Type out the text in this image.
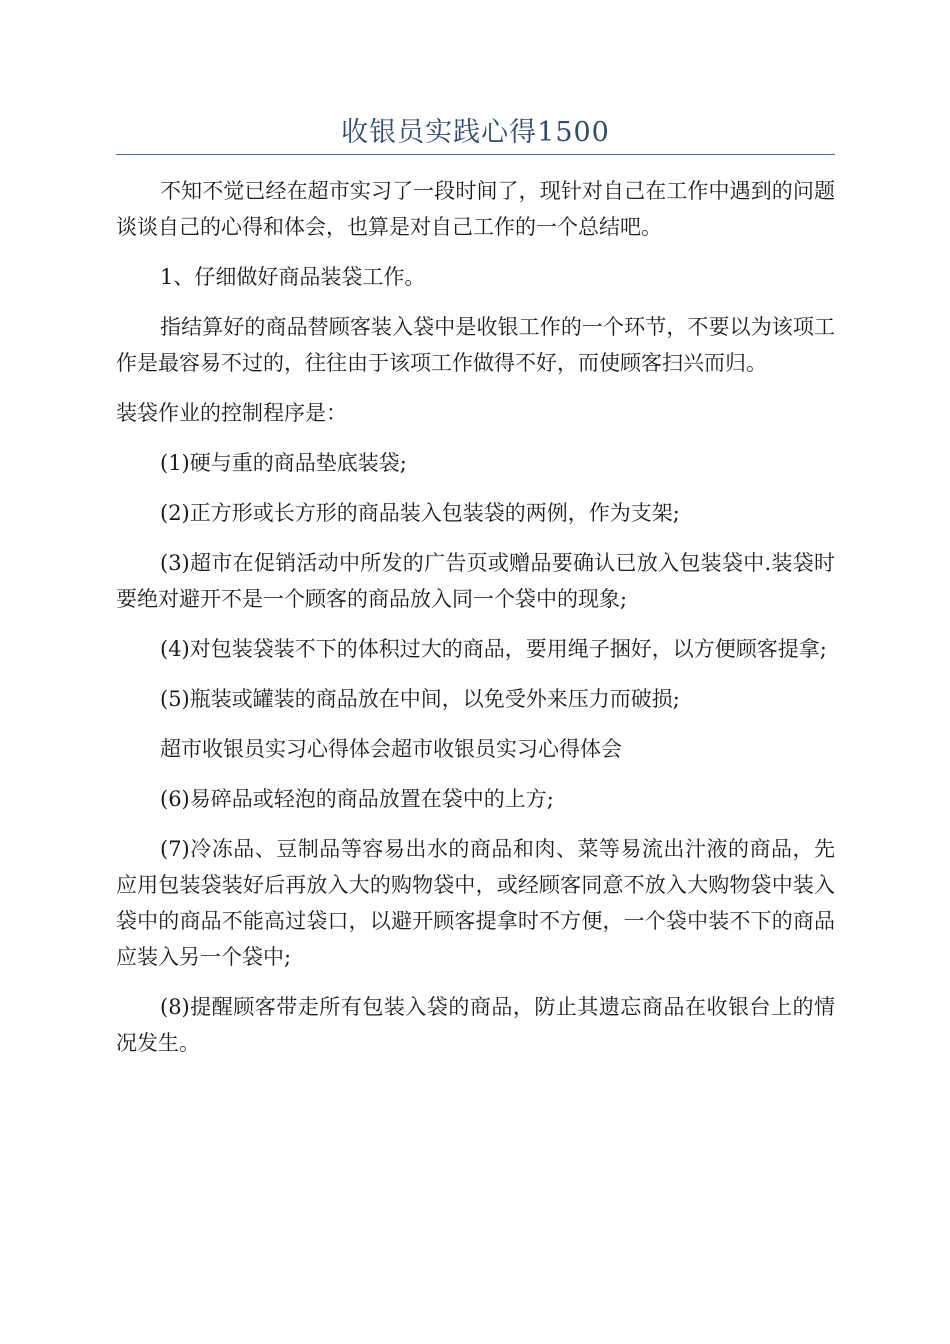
收银员实践心得1500

不知不觉已经在超市实习了一段时间了，现针对自己在工作中遇到的问题谈谈自己的心得和体会，也算是对自己工作的一个总结吧。

1、仔细做好商品装袋工作。

指结算好的商品替顾客装入袋中是收银工作的一个环节，不要以为该项工作是最容易不过的，往往由于该项工作做得不好，而使顾客扫兴而归。

装袋作业的控制程序是：

(1)硬与重的商品垫底装袋;

(2)正方形或长方形的商品装入包装袋的两例，作为支架;

(3)超市在促销活动中所发的广告页或赠品要确认已放入包装袋中.装袋时要绝对避开不是一个顾客的商品放入同一个袋中的现象;

(4)对包装袋装不下的体积过大的商品，要用绳子捆好，以方便顾客提拿;

(5)瓶装或罐装的商品放在中间，以免受外来压力而破损;

超市收银员实习心得体会超市收银员实习心得体会

(6)易碎品或轻泡的商品放置在袋中的上方;

(7)冷冻品、豆制品等容易出水的商品和肉、菜等易流出汁液的商品，先应用包装袋装好后再放入大的购物袋中，或经顾客同意不放入大购物袋中装入袋中的商品不能高过袋口，以避开顾客提拿时不方便，一个袋中装不下的商品应装入另一个袋中;

(8)提醒顾客带走所有包装入袋的商品，防止其遗忘商品在收银台上的情况发生。
